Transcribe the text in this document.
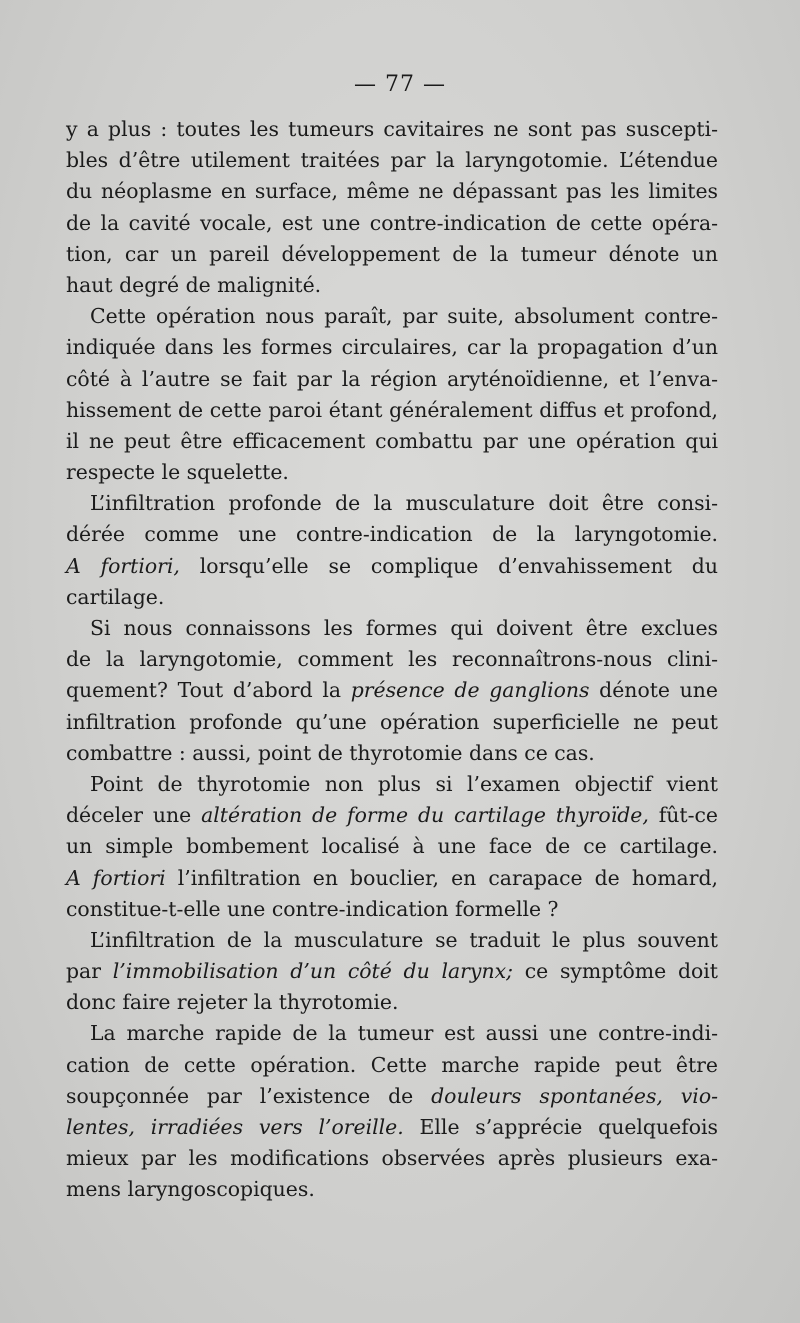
— 77 —
y a plus : toutes les tumeurs cavitaires ne sont pas suscepti-
bles d’être utilement traitées par la laryngotomie. L’étendue
du néoplasme en surface, même ne dépassant pas les limites
de la cavité vocale, est une contre-indication de cette opéra-
tion, car un pareil développement de la tumeur dénote un
haut degré de malignité.
Cette opération nous paraît, par suite, absolument contre-
indiquée dans les formes circulaires, car la propagation d’un
côté à l’autre se fait par la région aryténoïdienne, et l’enva-
hissement de cette paroi étant généralement diffus et profond,
il ne peut être efficacement combattu par une opération qui
respecte le squelette.
L’infiltration profonde de la musculature doit être consi-
dérée comme une contre-indication de la laryngotomie.
A fortiori, lorsqu’elle se complique d’envahissement du
cartilage.
Si nous connaissons les formes qui doivent être exclues
de la laryngotomie, comment les reconnaîtrons-nous clini-
quement? Tout d’abord la présence de ganglions dénote une
infiltration profonde qu’une opération superficielle ne peut
combattre : aussi, point de thyrotomie dans ce cas.
Point de thyrotomie non plus si l’examen objectif vient
déceler une altération de forme du cartilage thyroïde, fût-ce
un simple bombement localisé à une face de ce cartilage.
A fortiori l’infiltration en bouclier, en carapace de homard,
constitue-t-elle une contre-indication formelle ?
L’infiltration de la musculature se traduit le plus souvent
par l’immobilisation d’un côté du larynx; ce symptôme doit
donc faire rejeter la thyrotomie.
La marche rapide de la tumeur est aussi une contre-indi-
cation de cette opération. Cette marche rapide peut être
soupçonnée par l’existence de douleurs spontanées, vio-
lentes, irradiées vers l’oreille. Elle s’apprécie quelquefois
mieux par les modifications observées après plusieurs exa-
mens laryngoscopiques.
